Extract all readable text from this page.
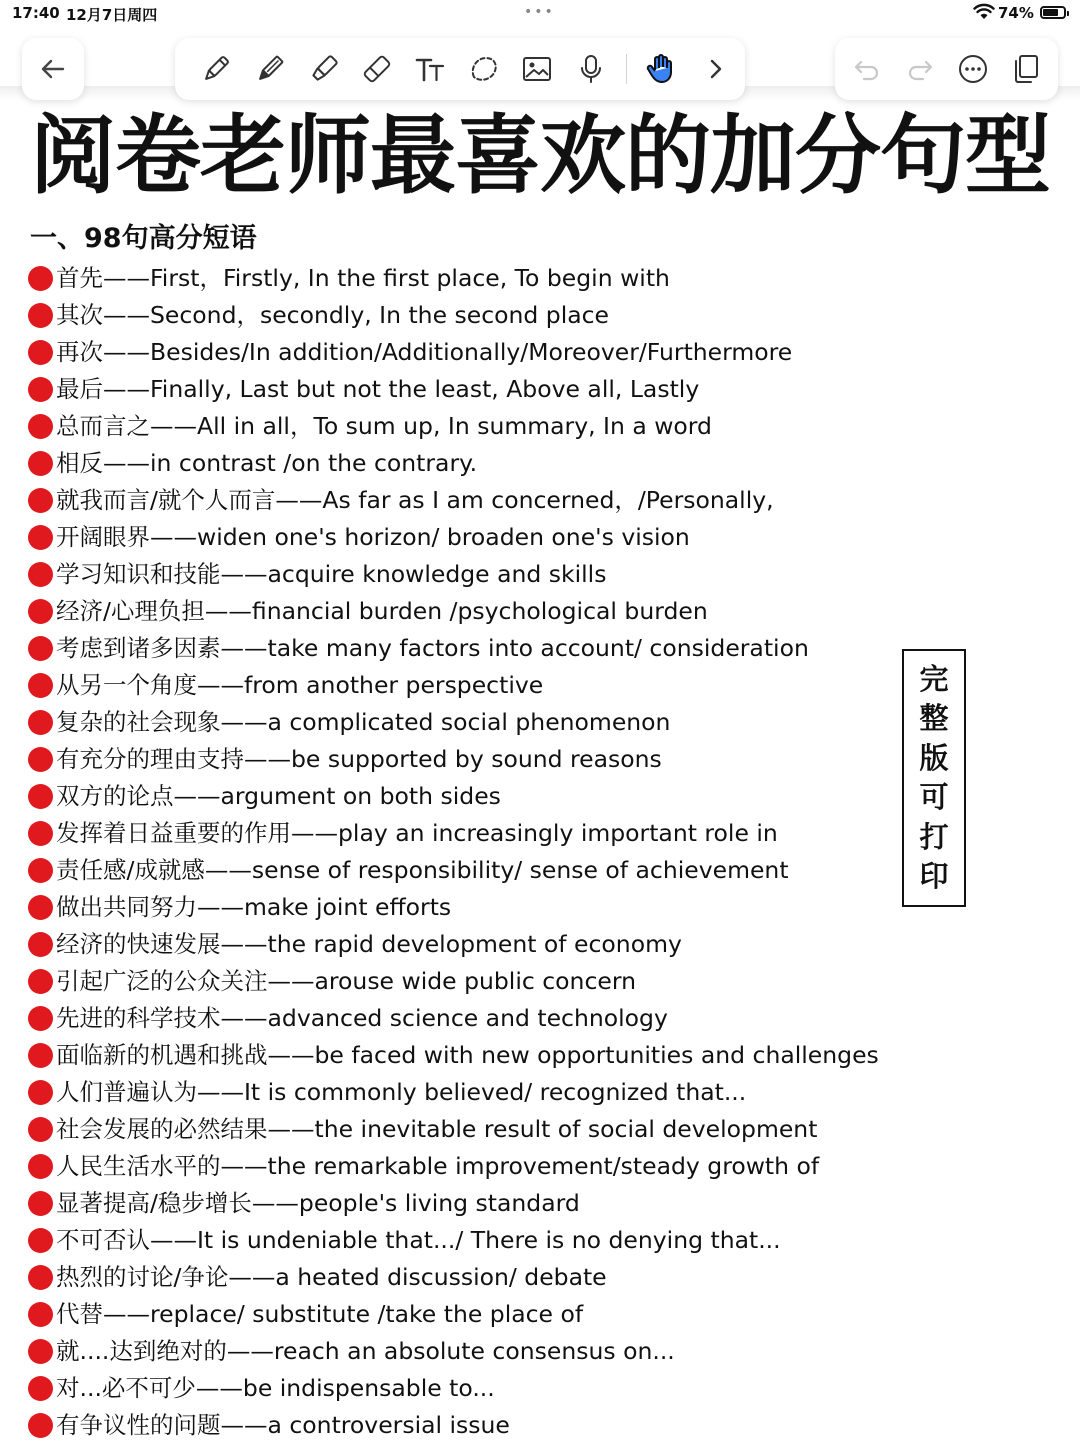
17:40 12月7日周四	•••	74%
阅卷老师最喜欢的加分句型
一、98句高分短语
首先——First，Firstly, In the first place, To begin with
其次——Second，secondly, In the second place
再次——Besides/In addition/Additionally/Moreover/Furthermore
最后——Finally, Last but not the least, Above all, Lastly
总而言之——All in all，To sum up, In summary, In a word
相反——in contrast /on the contrary.
就我而言/就个人而言——As far as I am concerned，/Personally,
开阔眼界——widen one's horizon/ broaden one's vision
学习知识和技能——acquire knowledge and skills
经济/心理负担——financial burden /psychological burden
考虑到诸多因素——take many factors into account/ consideration
从另一个角度——from another perspective
复杂的社会现象——a complicated social phenomenon
有充分的理由支持——be supported by sound reasons
双方的论点——argument on both sides
发挥着日益重要的作用——play an increasingly important role in
责任感/成就感——sense of responsibility/ sense of achievement
做出共同努力——make joint efforts
经济的快速发展——the rapid development of economy
引起广泛的公众关注——arouse wide public concern
先进的科学技术——advanced science and technology
面临新的机遇和挑战——be faced with new opportunities and challenges
人们普遍认为——It is commonly believed/ recognized that...
社会发展的必然结果——the inevitable result of social development
人民生活水平的——the remarkable improvement/steady growth of
显著提高/稳步增长——people's living standard
不可否认——It is undeniable that.../ There is no denying that...
热烈的讨论/争论——a heated discussion/ debate
代替——replace/ substitute /take the place of
就....达到绝对的——reach an absolute consensus on...
对...必不可少——be indispensable to...
有争议性的问题——a controversial issue
完
整
版
可
打
印
